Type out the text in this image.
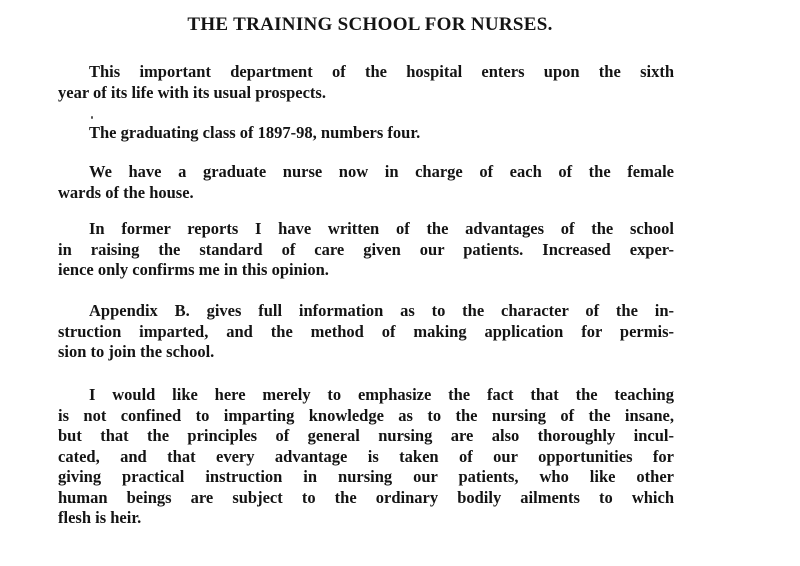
THE TRAINING SCHOOL FOR NURSES.
This important department of the hospital enters upon the sixth
year of its life with its usual prospects.
The graduating class of 1897-98, numbers four.
We have a graduate nurse now in charge of each of the female
wards of the house.
In former reports I have written of the advantages of the school
in raising the standard of care given our patients. Increased exper-
ience only confirms me in this opinion.
Appendix B. gives full information as to the character of the in-
struction imparted, and the method of making application for permis-
sion to join the school.
I would like here merely to emphasize the fact that the teaching
is not confined to imparting knowledge as to the nursing of the insane,
but that the principles of general nursing are also thoroughly incul-
cated, and that every advantage is taken of our opportunities for
giving practical instruction in nursing our patients, who like other
human beings are subject to the ordinary bodily ailments to which
flesh is heir.
